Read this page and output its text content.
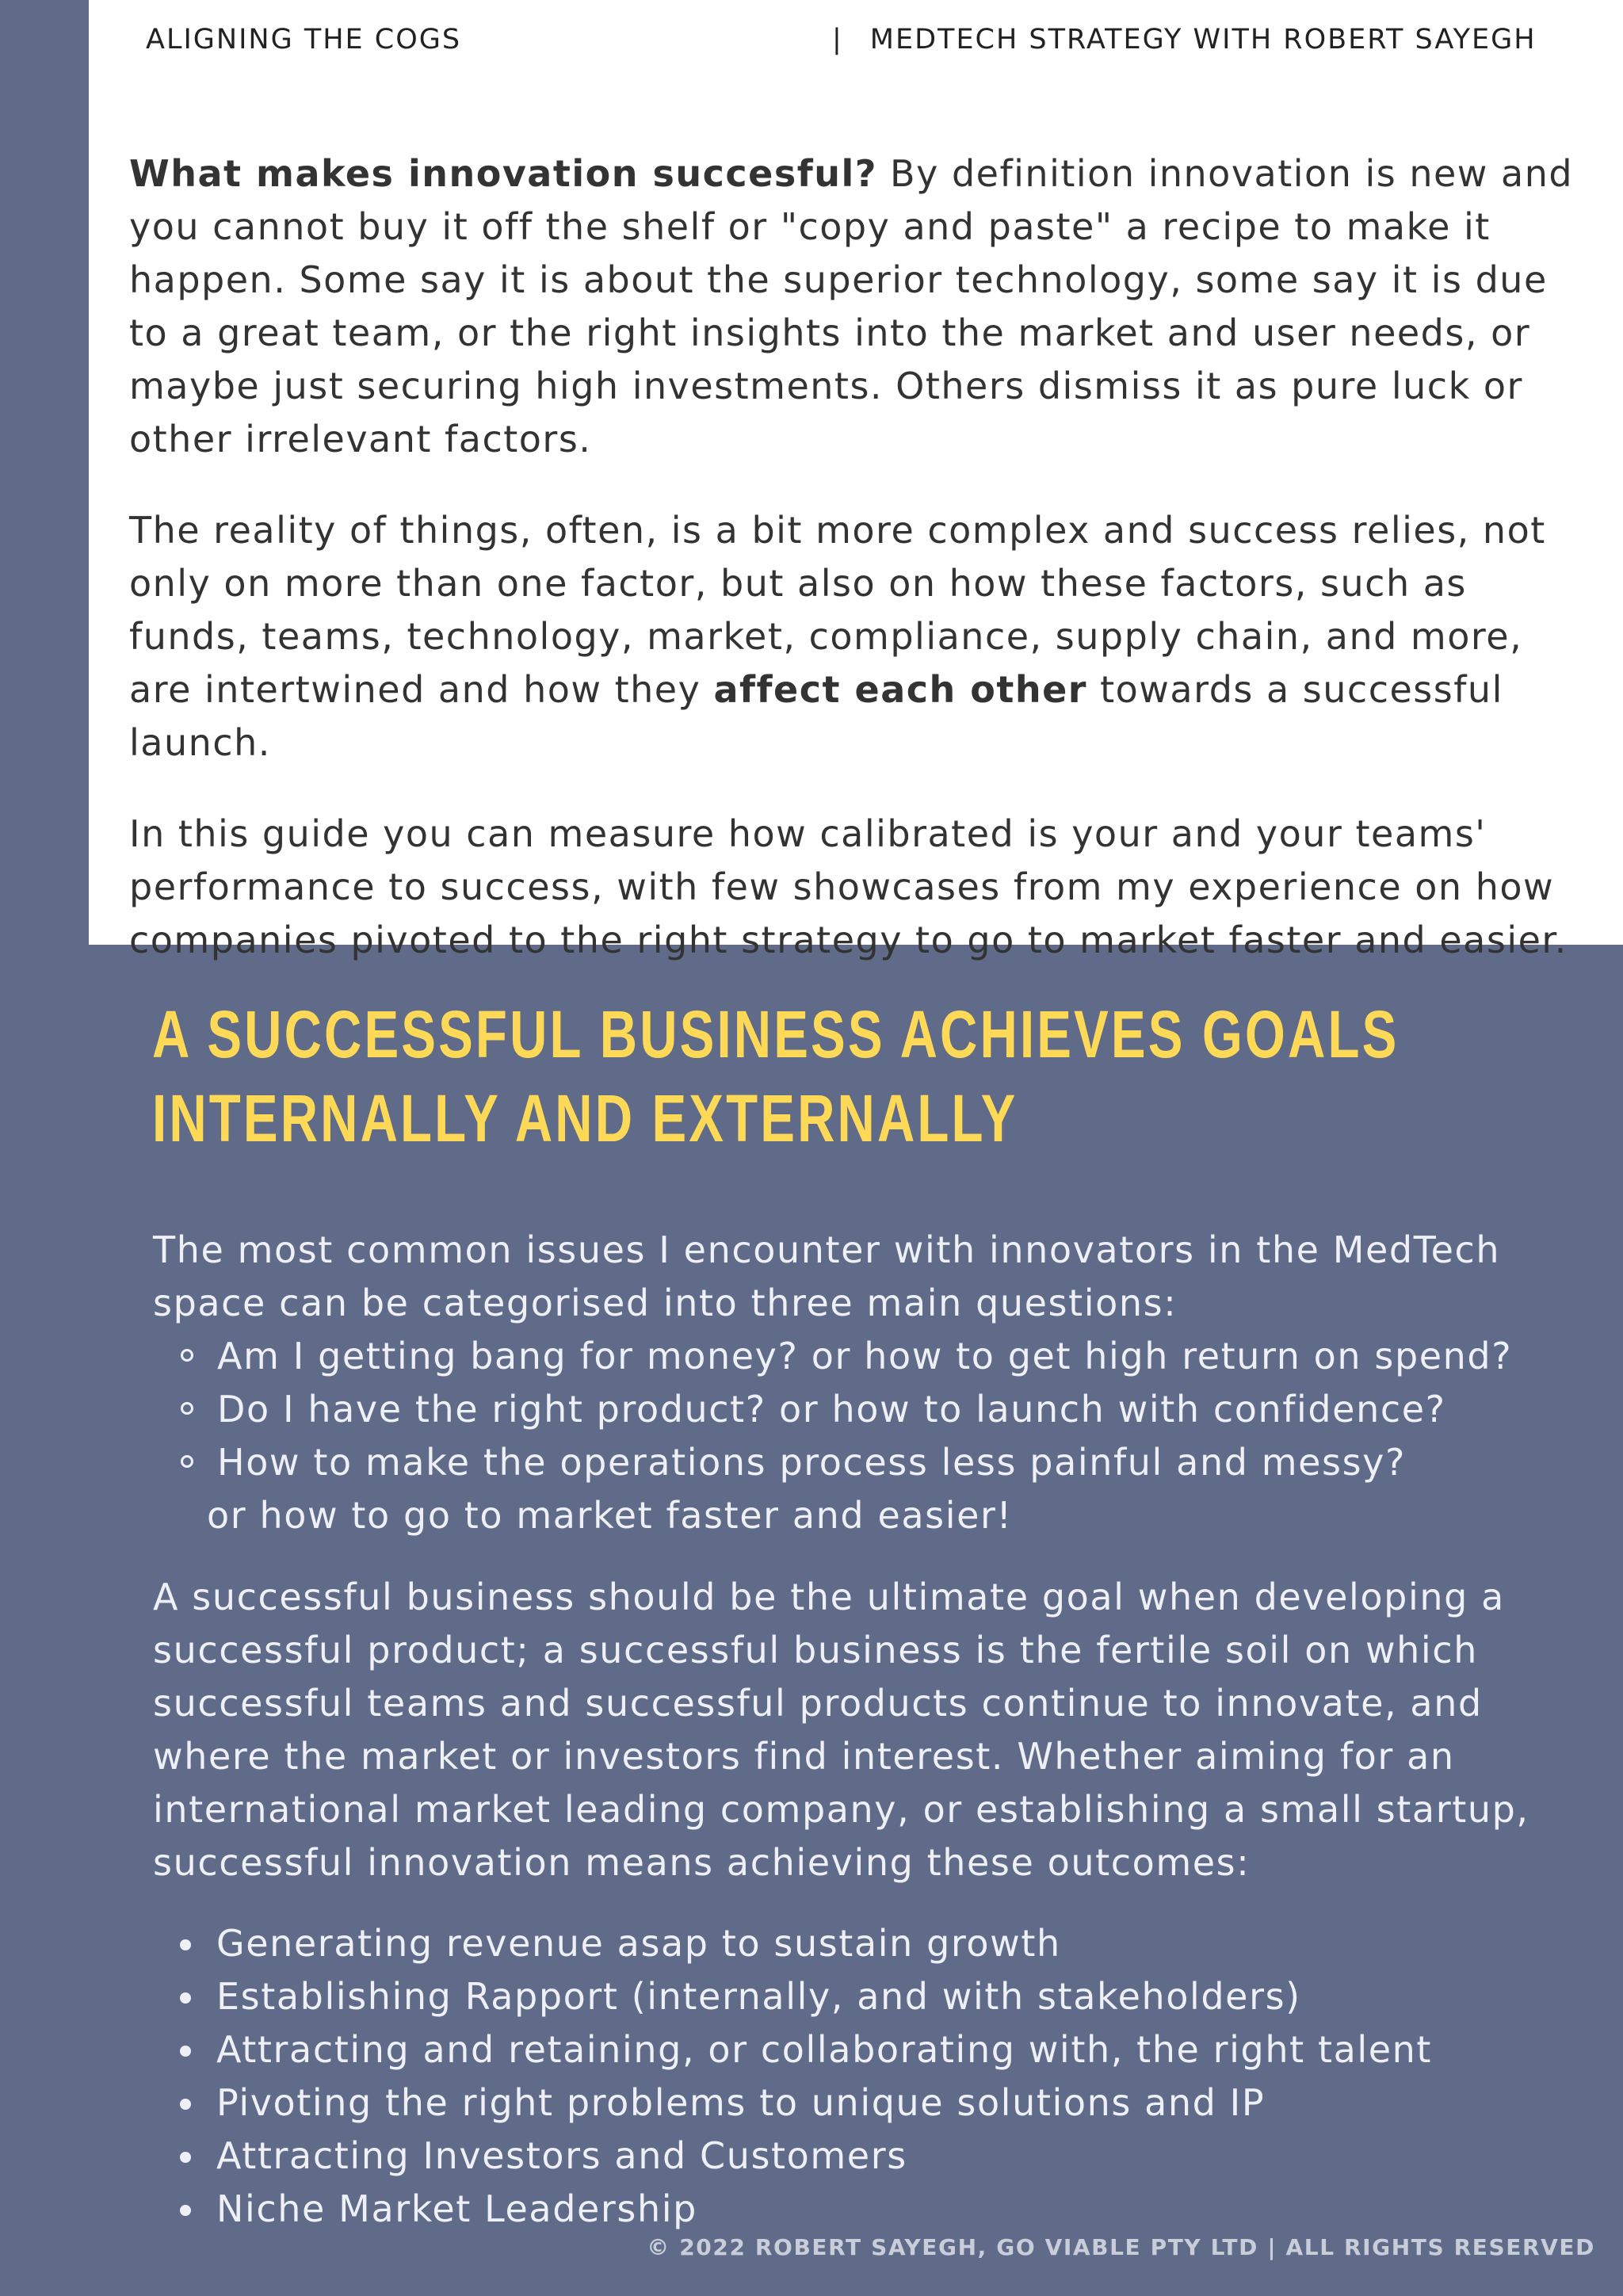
ALIGNING THE COGS	| MEDTECH STRATEGY WITH ROBERT SAYEGH

What makes innovation succesful? By definition innovation is new and you cannot buy it off the shelf or "copy and paste" a recipe to make it happen. Some say it is about the superior technology, some say it is due to a great team, or the right insights into the market and user needs, or maybe just securing high investments. Others dismiss it as pure luck or other irrelevant factors.

The reality of things, often, is a bit more complex and success relies, not only on more than one factor, but also on how these factors, such as funds, teams, technology, market, compliance, supply chain, and more, are intertwined and how they affect each other towards a successful launch.

In this guide you can measure how calibrated is your and your teams' performance to success, with few showcases from my experience on how companies pivoted to the right strategy to go to market faster and easier.

A SUCCESSFUL BUSINESS ACHIEVES GOALS
INTERNALLY AND EXTERNALLY

The most common issues I encounter with innovators in the MedTech space can be categorised into three main questions:

Am I getting bang for money? or how to get high return on spend?
Do I have the right product? or how to launch with confidence?
How to make the operations process less painful and messy?
or how to go to market faster and easier!

A successful business should be the ultimate goal when developing a successful product; a successful business is the fertile soil on which successful teams and successful products continue to innovate, and where the market or investors find interest. Whether aiming for an international market leading company, or establishing a small startup, successful innovation means achieving these outcomes:

Generating revenue asap to sustain growth
Establishing Rapport (internally, and with stakeholders)
Attracting and retaining, or collaborating with, the right talent
Pivoting the right problems to unique solutions and IP
Attracting Investors and Customers
Niche Market Leadership
© 2022 ROBERT SAYEGH, GO VIABLE PTY LTD | ALL RIGHTS RESERVED
